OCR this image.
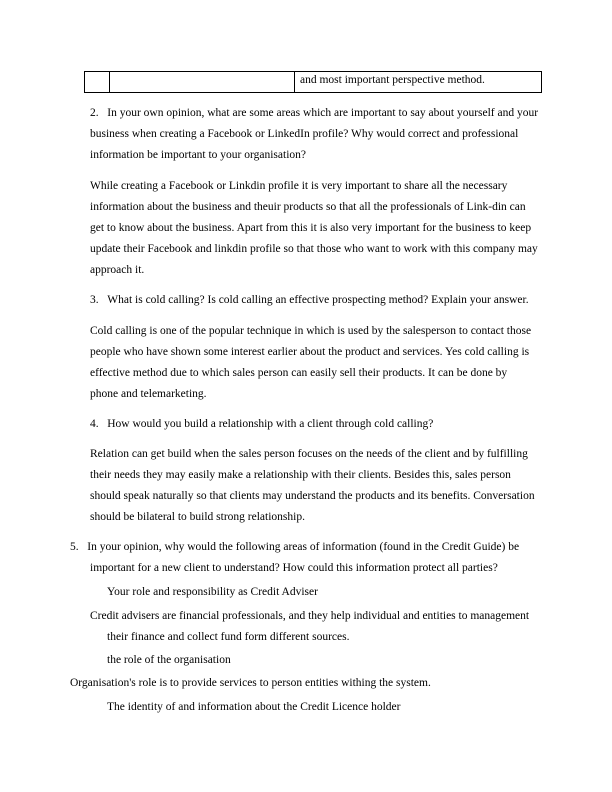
and most important perspective method.

2. In your own opinion, what are some areas which are important to say about yourself and your

business when creating a Facebook or LinkedIn profile? Why would correct and professional

information be important to your organisation?

While creating a Facebook or Linkdin profile it is very important to share all the necessary

information about the business and theuir products so that all the professionals of Link-din can

get to know about the business. Apart from this it is also very important for the business to keep

update their Facebook and linkdin profile so that those who want to work with this company may

approach it.

3. What is cold calling? Is cold calling an effective prospecting method? Explain your answer.

Cold calling is one of the popular technique in which is used by the salesperson to contact those

people who have shown some interest earlier about the product and services. Yes cold calling is

effective method due to which sales person can easily sell their products. It can be done by

phone and telemarketing.

4. How would you build a relationship with a client through cold calling?

Relation can get build when the sales person focuses on the needs of the client and by fulfilling

their needs they may easily make a relationship with their clients. Besides this, sales person

should speak naturally so that clients may understand the products and its benefits. Conversation

should be bilateral to build strong relationship.

5. In your opinion, why would the following areas of information (found in the Credit Guide) be

important for a new client to understand? How could this information protect all parties?

Your role and responsibility as Credit Adviser

Credit advisers are financial professionals, and they help individual and entities to management

their finance and collect fund form different sources.

the role of the organisation
Organisation's role is to provide services to person entities withing the system.
The identity of and information about the Credit Licence holder
